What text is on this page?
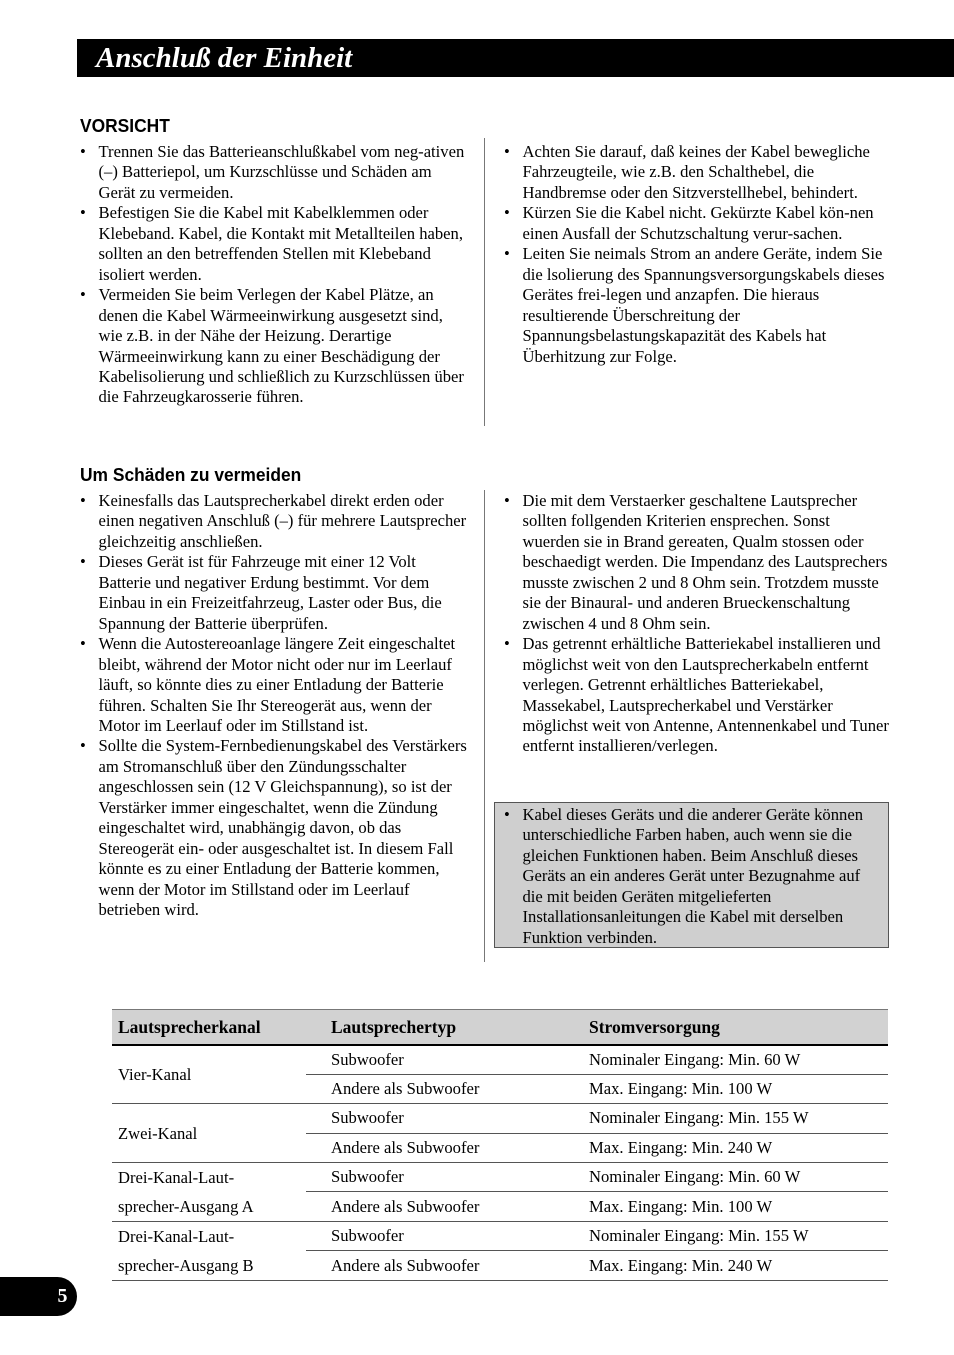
Anschluß der Einheit
VORSICHT
• Trennen Sie das Batterieanschlußkabel vom neg-ativen (–) Batteriepol, um Kurzschlüsse und Schäden am Gerät zu vermeiden.
• Befestigen Sie die Kabel mit Kabelklemmen oder Klebeband. Kabel, die Kontakt mit Metallteilen haben, sollten an den betreffenden Stellen mit Klebeband isoliert werden.
• Vermeiden Sie beim Verlegen der Kabel Plätze, an denen die Kabel Wärmeeinwirkung ausgesetzt sind, wie z.B. in der Nähe der Heizung. Derartige Wärmeeinwirkung kann zu einer Beschädigung der Kabelisolierung und schließlich zu Kurzschlüssen über die Fahrzeugkarosserie führen.
• Achten Sie darauf, daß keines der Kabel bewegliche Fahrzeugteile, wie z.B. den Schalthebel, die Handbremse oder den Sitzverstellhebel, behindert.
• Kürzen Sie die Kabel nicht. Gekürzte Kabel kön-nen einen Ausfall der Schutzschaltung verur-sachen.
• Leiten Sie neimals Strom an andere Geräte, indem Sie die lsolierung des Spannungsversorgungskabels dieses Gerätes frei-legen und anzapfen. Die hieraus resultierende Überschreitung der Spannungsbelastungskapazität des Kabels hat Überhitzung zur Folge.
Um Schäden zu vermeiden
• Keinesfalls das Lautsprecherkabel direkt erden oder einen negativen Anschluß (–) für mehrere Lautsprecher gleichzeitig anschließen.
• Dieses Gerät ist für Fahrzeuge mit einer 12 Volt Batterie und negativer Erdung bestimmt. Vor dem Einbau in ein Freizeitfahrzeug, Laster oder Bus, die Spannung der Batterie überprüfen.
• Wenn die Autostereoanlage längere Zeit eingeschaltet bleibt, während der Motor nicht oder nur im Leerlauf läuft, so könnte dies zu einer Entladung der Batterie führen. Schalten Sie Ihr Stereogerät aus, wenn der Motor im Leerlauf oder im Stillstand ist.
• Sollte die System-Fernbedienungskabel des Verstärkers am Stromanschluß über den Zündungsschalter angeschlossen sein (12 V Gleichspannung), so ist der Verstärker immer eingeschaltet, wenn die Zündung eingeschaltet wird, unabhängig davon, ob das Stereogerät ein- oder ausgeschaltet ist. In diesem Fall könnte es zu einer Entladung der Batterie kommen, wenn der Motor im Stillstand oder im Leerlauf betrieben wird.
• Die mit dem Verstaerker geschaltene Lautsprecher sollten follgenden Kriterien ensprechen. Sonst wuerden sie in Brand gereaten, Qualm stossen oder beschaedigt werden. Die Impendanz des Lautsprechers musste zwischen 2 und 8 Ohm sein. Trotzdem musste sie der Binaural- und anderen Brueckenschaltung zwischen 4 und 8 Ohm sein.
• Das getrennt erhältliche Batteriekabel installieren und möglichst weit von den Lautsprecherkabeln entfernt verlegen. Getrennt erhältliches Batteriekabel, Massekabel, Lautsprecherkabel und Verstärker möglichst weit von Antenne, Antennenkabel und Tuner entfernt installieren/verlegen.
• Kabel dieses Geräts und die anderer Geräte können unterschiedliche Farben haben, auch wenn sie die gleichen Funktionen haben. Beim Anschluß dieses Geräts an ein anderes Gerät unter Bezugnahme auf die mit beiden Geräten mitgelieferten Installationsanleitungen die Kabel mit derselben Funktion verbinden.
Lautsprecherkanal	Lautsprechertyp	Stromversorgung

Vier-Kanal	Subwoofer	Nominaler Eingang: Min. 60 W
	Andere als Subwoofer	Max. Eingang: Min. 100 W

Zwei-Kanal	Subwoofer	Nominaler Eingang: Min. 155 W
	Andere als Subwoofer	Max. Eingang: Min. 240 W

Drei-Kanal-Laut-
sprecher-Ausgang A	Subwoofer	Nominaler Eingang: Min. 60 W
	Andere als Subwoofer	Max. Eingang: Min. 100 W

Drei-Kanal-Laut-
sprecher-Ausgang B	Subwoofer	Nominaler Eingang: Min. 155 W
	Andere als Subwoofer	Max. Eingang: Min. 240 W
5
